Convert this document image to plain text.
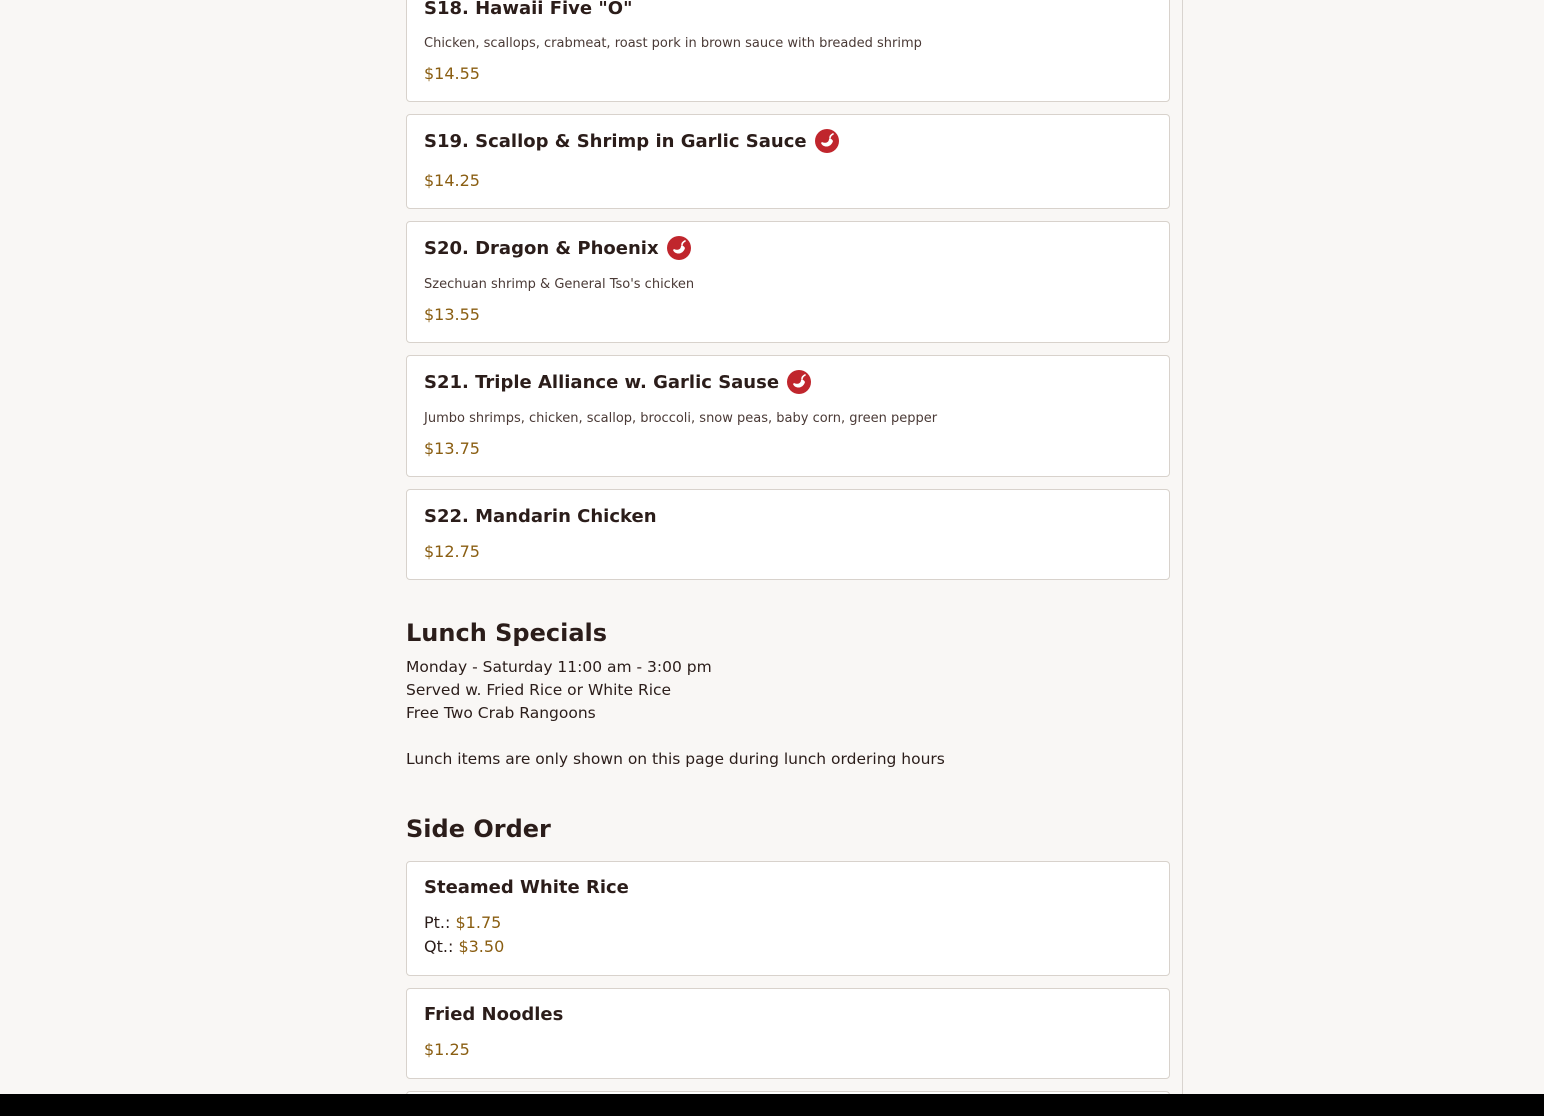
S18. Hawaii Five "O"
Chicken, scallops, crabmeat, roast pork in brown sauce with breaded shrimp
$14.55
S19. Scallop & Shrimp in Garlic Sauce
$14.25
S20. Dragon & Phoenix
Szechuan shrimp & General Tso's chicken
$13.55
S21. Triple Alliance w. Garlic Sause
Jumbo shrimps, chicken, scallop, broccoli, snow peas, baby corn, green pepper
$13.75
S22. Mandarin Chicken
$12.75
Lunch Specials
Monday - Saturday 11:00 am - 3:00 pm
Served w. Fried Rice or White Rice
Free Two Crab Rangoons
Lunch items are only shown on this page during lunch ordering hours
Side Order
Steamed White Rice
Pt.: $1.75
Qt.: $3.50
Fried Noodles
$1.25
